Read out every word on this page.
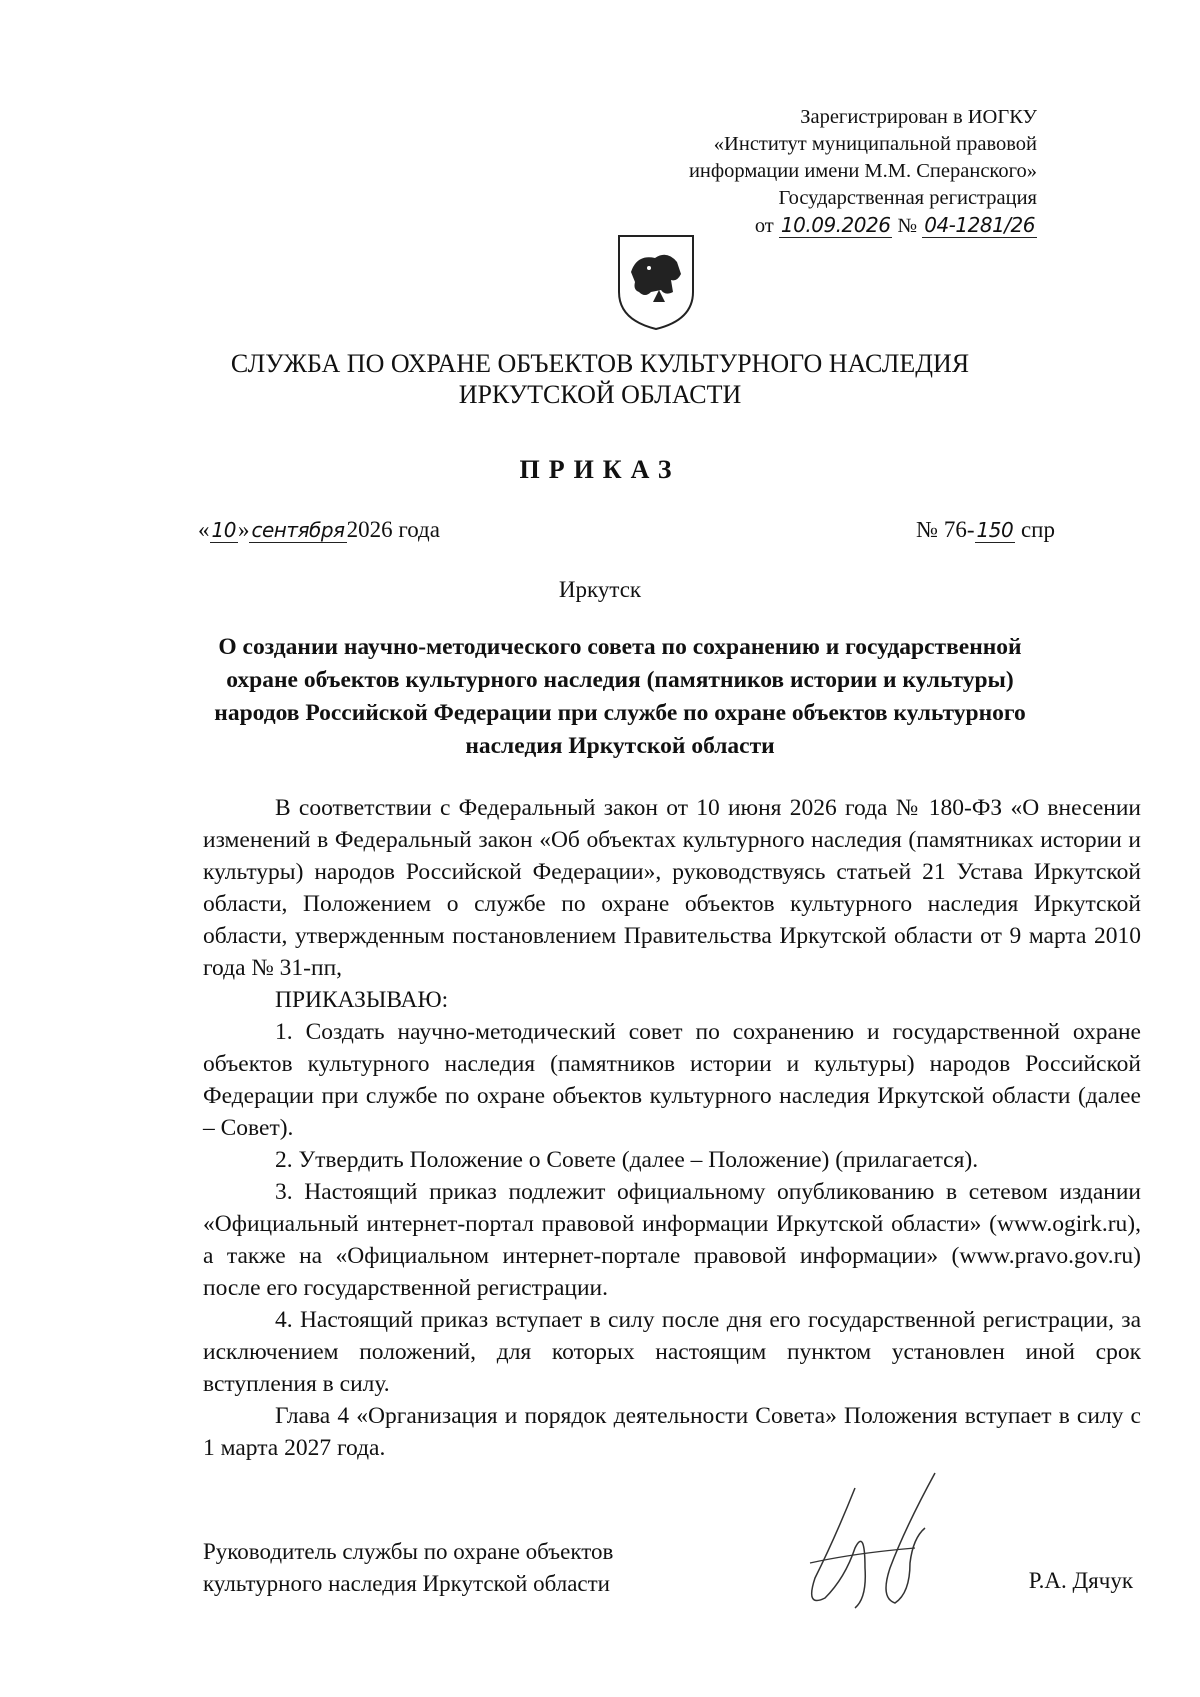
Зарегистрирован в ИОГКУ
«Институт муниципальной правовой
информации имени М.М. Сперанского»
Государственная регистрация
от 10.09.2026 № 04-1281/26
СЛУЖБА ПО ОХРАНЕ ОБЪЕКТОВ КУЛЬТУРНОГО НАСЛЕДИЯ
ИРКУТСКОЙ ОБЛАСТИ
ПРИКАЗ
« 10» сентября2026 года	№ 76- 150 спр
Иркутск
О создании научно-методического совета по сохранению и государственной охране объектов культурного наследия (памятников истории и культуры) народов Российской Федерации при службе по охране объектов культурного наследия Иркутской области

В соответствии с Федеральный закон от 10 июня 2026 года № 180-ФЗ «О внесении изменений в Федеральный закон «Об объектах культурного наследия (памятниках истории и культуры) народов Российской Федерации», руководствуясь статьей 21 Устава Иркутской области, Положением о службе по охране объектов культурного наследия Иркутской области, утвержденным постановлением Правительства Иркутской области от 9 марта 2010 года № 31-пп,

ПРИКАЗЫВАЮ:

1. Создать научно-методический совет по сохранению и государственной охране объектов культурного наследия (памятников истории и культуры) народов Российской Федерации при службе по охране объектов культурного наследия Иркутской области (далее – Совет).

2. Утвердить Положение о Совете (далее – Положение) (прилагается).

3. Настоящий приказ подлежит официальному опубликованию в сетевом издании «Официальный интернет-портал правовой информации Иркутской области» (www.ogirk.ru), а также на «Официальном интернет-портале правовой информации» (www.pravo.gov.ru) после его государственной регистрации.

4. Настоящий приказ вступает в силу после дня его государственной регистрации, за исключением положений, для которых настоящим пунктом установлен иной срок вступления в силу.

Глава 4 «Организация и порядок деятельности Совета» Положения вступает в силу с 1 марта 2027 года.

Руководитель службы по охране объектов
культурного наследия Иркутской области	Р.А. Дячук
